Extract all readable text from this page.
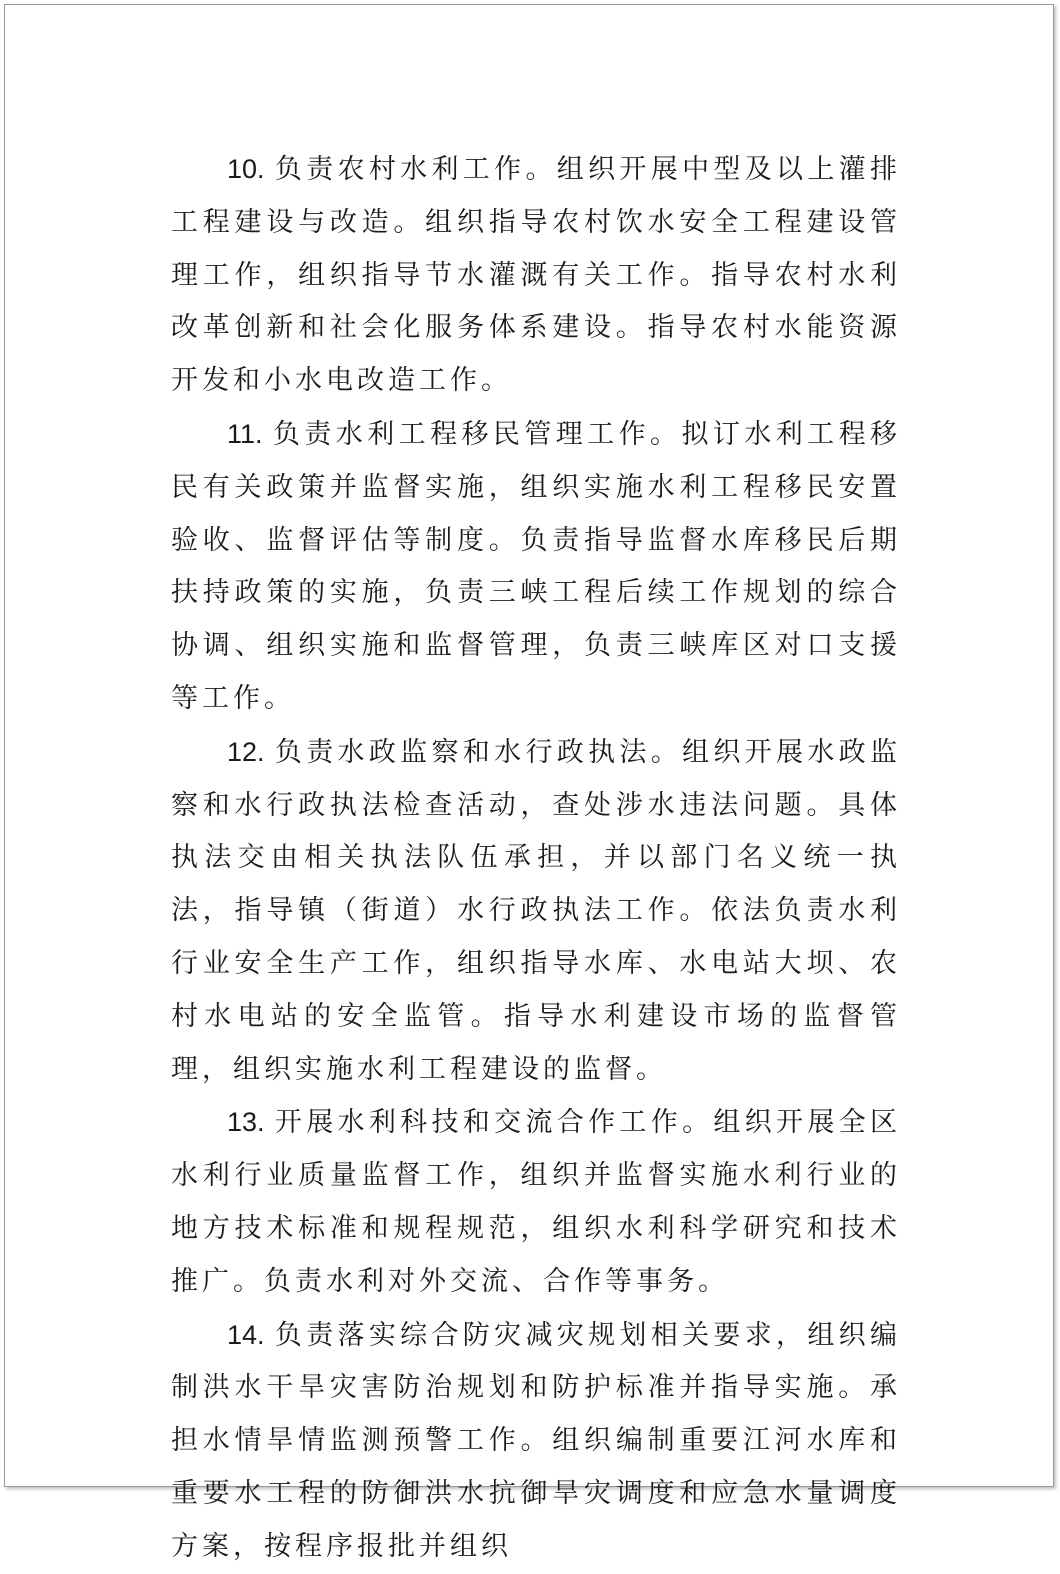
10. 负责农村水利工作。组织开展中型及以上灌排工程建设与改造。组织指导农村饮水安全工程建设管理工作，组织指导节水灌溉有关工作。指导农村水利改革创新和社会化服务体系建设。指导农村水能资源开发和小水电改造工作。

11. 负责水利工程移民管理工作。拟订水利工程移民有关政策并监督实施，组织实施水利工程移民安置验收、监督评估等制度。负责指导监督水库移民后期扶持政策的实施，负责三峡工程后续工作规划的综合协调、组织实施和监督管理，负责三峡库区对口支援等工作。

12. 负责水政监察和水行政执法。组织开展水政监察和水行政执法检查活动，查处涉水违法问题。具体执法交由相关执法队伍承担，并以部门名义统一执法，指导镇（街道）水行政执法工作。依法负责水利行业安全生产工作，组织指导水库、水电站大坝、农村水电站的安全监管。指导水利建设市场的监督管理，组织实施水利工程建设的监督。

13. 开展水利科技和交流合作工作。组织开展全区水利行业质量监督工作，组织并监督实施水利行业的地方技术标准和规程规范，组织水利科学研究和技术推广。负责水利对外交流、合作等事务。

14. 负责落实综合防灾减灾规划相关要求，组织编制洪水干旱灾害防治规划和防护标准并指导实施。承担水情旱情监测预警工作。组织编制重要江河水库和重要水工程的防御洪水抗御旱灾调度和应急水量调度方案，按程序报批并组织
